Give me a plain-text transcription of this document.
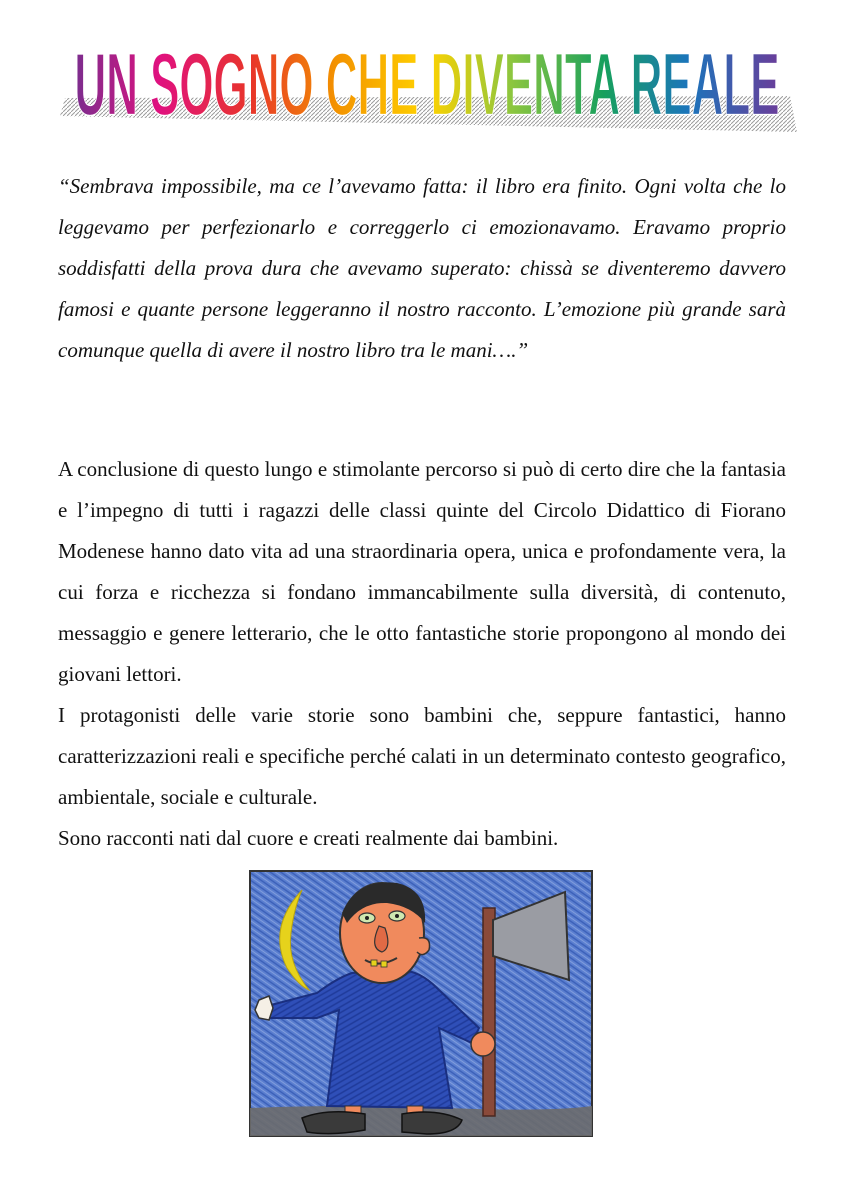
UN SOGNO CHE DIVENTA REALE

“Sembrava impossibile, ma ce l’avevamo fatta: il libro era finito. Ogni volta che lo leggevamo per perfezionarlo e correggerlo ci emozionavamo. Eravamo proprio soddisfatti della prova dura che avevamo superato: chissà se diventeremo davvero famosi e quante persone leggeranno il nostro racconto. L’emozione più grande sarà comunque quella di avere il nostro libro tra le mani….”

A conclusione di questo lungo e stimolante percorso si può di certo dire che la fantasia e l’impegno di tutti i ragazzi delle classi quinte del Circolo Didattico di Fiorano Modenese hanno dato vita ad una straordinaria opera, unica e profondamente vera, la cui forza e ricchezza si fondano immancabilmente sulla diversità, di contenuto, messaggio e genere letterario, che le otto fantastiche storie propongono al mondo dei giovani lettori.

I protagonisti delle varie storie sono bambini che, seppure fantastici, hanno caratterizzazioni reali e specifiche perché calati in un determinato contesto geografico, ambientale, sociale e culturale.

Sono racconti nati dal cuore e creati realmente dai bambini.
